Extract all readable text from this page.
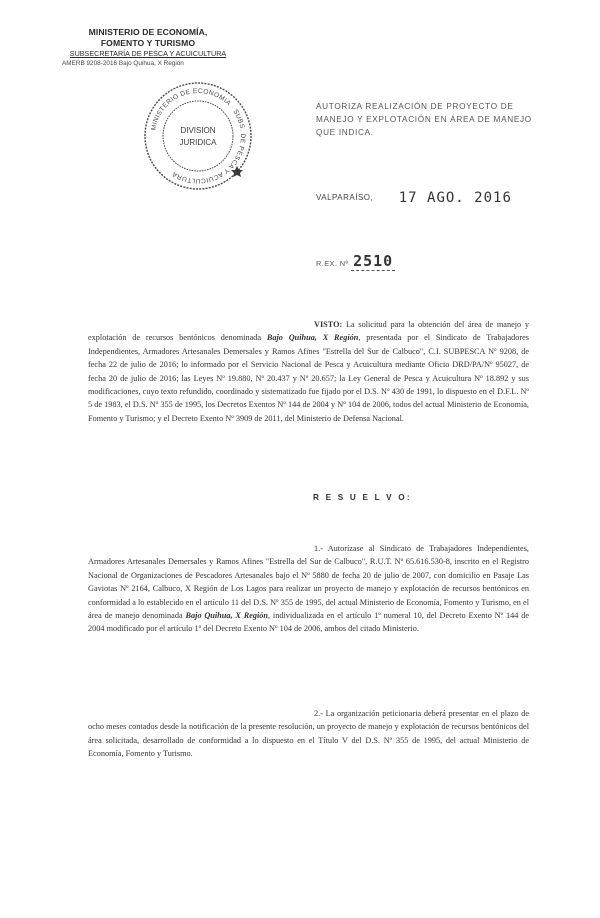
MINISTERIO DE ECONOMÍA,
FOMENTO Y TURISMO
SUBSECRETARÍA DE PESCA Y ACUICULTURA
AMERB 9208-2016 Bajo Quihua, X Región
MINISTERIO DE ECONOMIA · SUBS. DE PESCA Y ACUICULTURA
DIVISION
JURIDICA
AUTORIZA REALIZACIÓN DE PROYECTO DE MANEJO Y EXPLOTACIÓN EN ÁREA DE MANEJO QUE INDICA.
VALPARAÍSO, 17 AGO. 2016
R.EX. Nº 2510

VISTO: La solicitud para la obtención del área de manejo y explotación de recursos bentónicos denominada Bajo Quihua, X Región, presentada por el Sindicato de Trabajadores Independientes, Armadores Artesanales Demersales y Ramos Afines "Estrella del Sur de Calbuco", C.I. SUBPESCA Nº 9208, de fecha 22 de julio de 2016; lo informado por el Servicio Nacional de Pesca y Acuicultura mediante Oficio DRD/PA/Nº 95027, de fecha 20 de julio de 2016; las Leyes Nº 19.880, Nº 20.437 y Nº 20.657; la Ley General de Pesca y Acuicultura Nº 18.892 y sus modificaciones, cuyo texto refundido, coordinado y sistematizado fue fijado por el D.S. Nº 430 de 1991, lo dispuesto en el D.F.L. Nº 5 de 1983, el D.S. Nº 355 de 1995, los Decretos Exentos Nº 144 de 2004 y Nº 104 de 2006, todos del actual Ministerio de Economía, Fomento y Turismo; y el Decreto Exento Nº 3909 de 2011, del Ministerio de Defensa Nacional.

R E S U E L V O:

1.- Autorízase al Sindicato de Trabajadores Independientes, Armadores Artesanales Demersales y Ramos Afines "Estrella del Sur de Calbuco", R.U.T. Nº 65.616.530-8, inscrito en el Registro Nacional de Organizaciones de Pescadores Artesanales bajo el Nº 5880 de fecha 20 de julio de 2007, con domicilio en Pasaje Las Gaviotas Nº 2164, Calbuco, X Región de Los Lagos para realizar un proyecto de manejo y explotación de recursos bentónicos en conformidad a lo establecido en el artículo 11 del D.S. Nº 355 de 1995, del actual Ministerio de Economía, Fomento y Turismo, en el área de manejo denominada Bajo Quihua, X Región, individualizada en el artículo 1º numeral 10, del Decreto Exento Nº 144 de 2004 modificado por el artículo 1º del Decreto Exento Nº 104 de 2006, ambos del citado Ministerio.

2.- La organización peticionaria deberá presentar en el plazo de ocho meses contados desde la notificación de la presente resolución, un proyecto de manejo y explotación de recursos bentónicos del área solicitada, desarrollado de conformidad a lo dispuesto en el Título V del D.S. Nº 355 de 1995, del actual Ministerio de Economía, Fomento y Turismo.
